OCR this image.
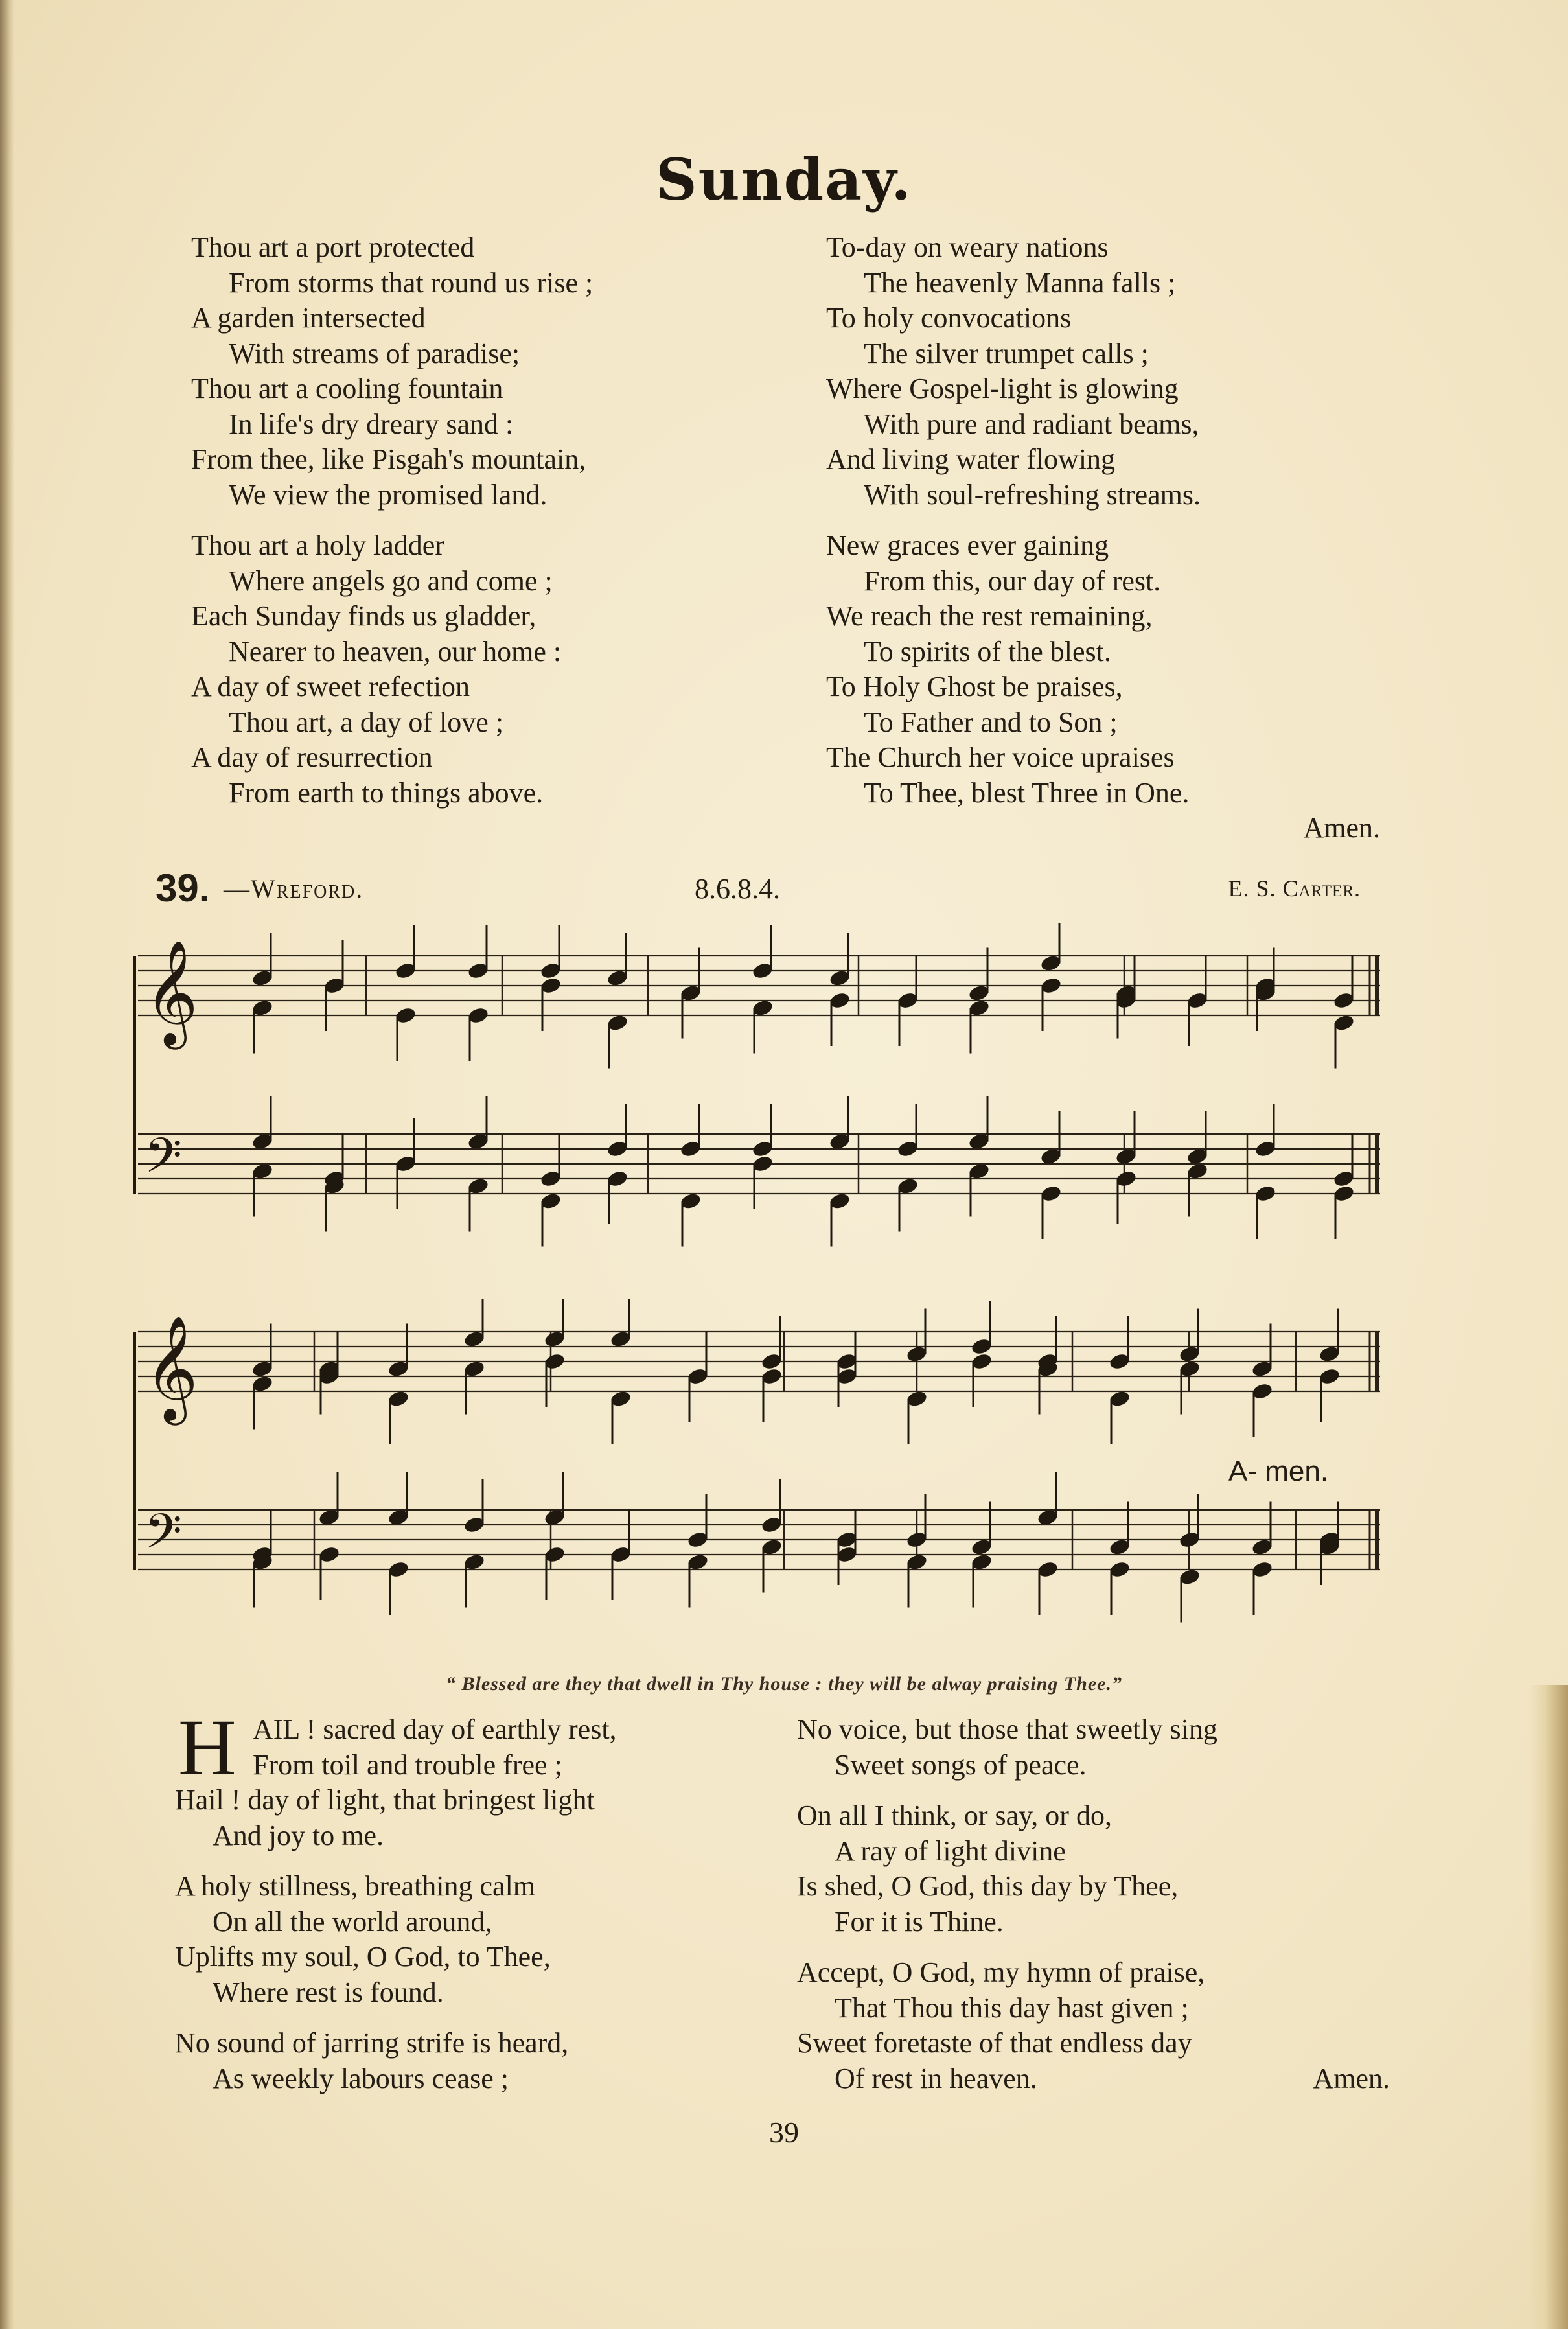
Sunday.
Thou art a port protected
From storms that round us rise ;
A garden intersected
With streams of paradise;
Thou art a cooling fountain
In life's dry dreary sand :
From thee, like Pisgah's mountain,
We view the promised land.
Thou art a holy ladder
Where angels go and come ;
Each Sunday finds us gladder,
Nearer to heaven, our home :
A day of sweet refection
Thou art, a day of love ;
A day of resurrection
From earth to things above.
To-day on weary nations
The heavenly Manna falls ;
To holy convocations
The silver trumpet calls ;
Where Gospel-light is glowing
With pure and radiant beams,
And living water flowing
With soul-refreshing streams.
New graces ever gaining
From this, our day of rest.
We reach the rest remaining,
To spirits of the blest.
To Holy Ghost be praises,
To Father and to Son ;
The Church her voice upraises
To Thee, blest Three in One.
Amen.
39. —Wreford.	8.6.8.4.	E. S. Carter.
𝄞
𝄢
𝄞
𝄢
A- men.
“ Blessed are they that dwell in Thy house : they will be alway praising Thee.”
H AIL ! sacred day of earthly rest,
From toil and trouble free ;
Hail ! day of light, that bringest light
And joy to me.
A holy stillness, breathing calm
On all the world around,
Uplifts my soul, O God, to Thee,
Where rest is found.
No sound of jarring strife is heard,
As weekly labours cease ;
No voice, but those that sweetly sing
Sweet songs of peace.
On all I think, or say, or do,
A ray of light divine
Is shed, O God, this day by Thee,
For it is Thine.
Accept, O God, my hymn of praise,
That Thou this day hast given ;
Sweet foretaste of that endless day
Of rest in heaven.	Amen.
39
